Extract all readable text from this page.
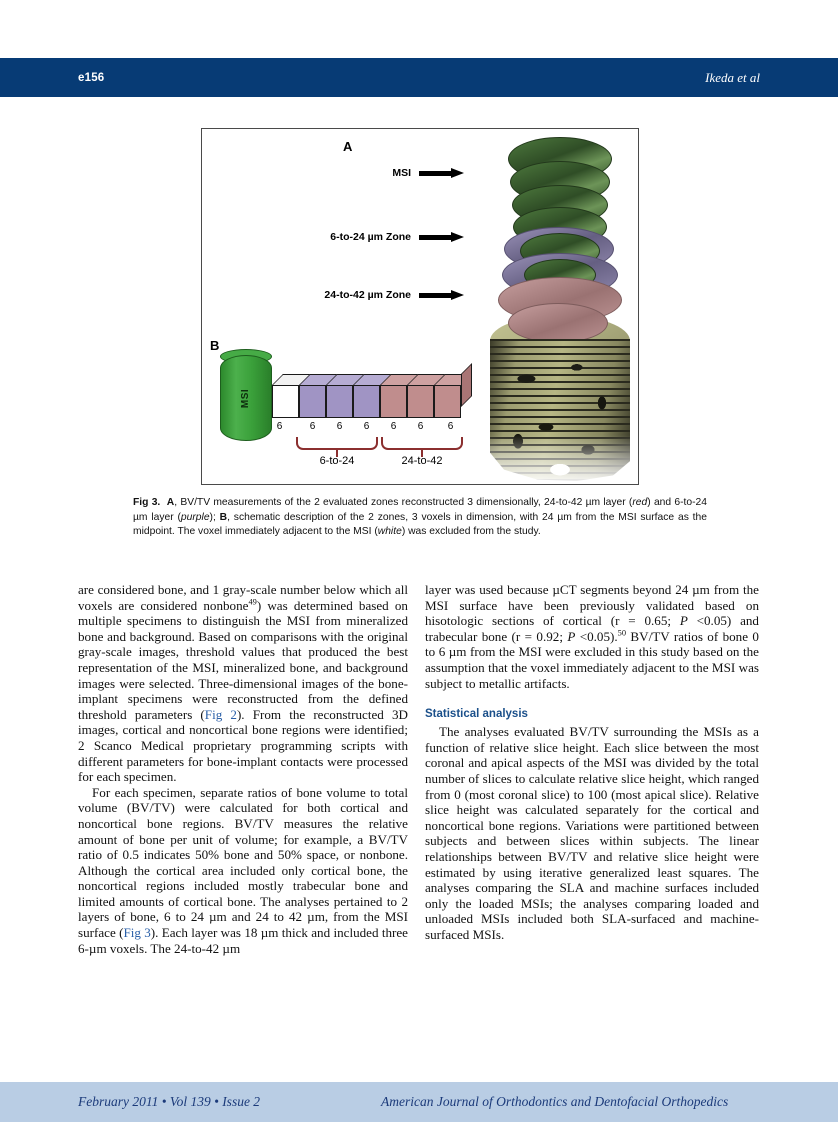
e156	Ikeda et al
A
B
MSI
6-to-24 µm Zone
24-to-42 µm Zone
MSI
6	6	6	6	6	6	6
6-to-24	24-to-42
Fig 3. A, BV/TV measurements of the 2 evaluated zones reconstructed 3 dimensionally, 24-to-42 µm layer (red) and 6-to-24 µm layer (purple); B, schematic description of the 2 zones, 3 voxels in dimension, with 24 µm from the MSI surface as the midpoint. The voxel immediately adjacent to the MSI (white) was excluded from the study.

are considered bone, and 1 gray-scale number below which all voxels are considered nonbone$^{49}$) was determined based on multiple specimens to distinguish the MSI from mineralized bone and background. Based on comparisons with the original gray-scale images, threshold values that produced the best representation of the MSI, mineralized bone, and background images were selected. Three-dimensional images of the bone-implant specimens were reconstructed from the defined threshold parameters (Fig 2). From the reconstructed 3D images, cortical and noncortical bone regions were identified; 2 Scanco Medical proprietary programming scripts with different parameters for bone-implant contacts were processed for each specimen.

For each specimen, separate ratios of bone volume to total volume (BV/TV) were calculated for both cortical and noncortical bone regions. BV/TV measures the relative amount of bone per unit of volume; for example, a BV/TV ratio of 0.5 indicates 50% bone and 50% space, or nonbone. Although the cortical area included only cortical bone, the noncortical regions included mostly trabecular bone and limited amounts of cortical bone. The analyses pertained to 2 layers of bone, 6 to 24 µm and 24 to 42 µm, from the MSI surface (Fig 3). Each layer was 18 µm thick and included three 6-µm voxels. The 24-to-42 µm

layer was used because µCT segments beyond 24 µm from the MSI surface have been previously validated based on hisotologic sections of cortical (r = 0.65; P <0.05) and trabecular bone (r = 0.92; P <0.05).$^{50}$ BV/TV ratios of bone 0 to 6 µm from the MSI were excluded in this study based on the assumption that the voxel immediately adjacent to the MSI was subject to metallic artifacts.

Statistical analysis

The analyses evaluated BV/TV surrounding the MSIs as a function of relative slice height. Each slice between the most coronal and apical aspects of the MSI was divided by the total number of slices to calculate relative slice height, which ranged from 0 (most coronal slice) to 100 (most apical slice). Relative slice height was calculated separately for the cortical and noncortical bone regions. Variations were partitioned between subjects and between slices within subjects. The linear relationships between BV/TV and relative slice height were estimated by using iterative generalized least squares. The analyses comparing the SLA and machine surfaces included only the loaded MSIs; the analyses comparing loaded and unloaded MSIs included both SLA-surfaced and machine-surfaced MSIs.

February 2011 • Vol 139 • Issue 2	American Journal of Orthodontics and Dentofacial Orthopedics
